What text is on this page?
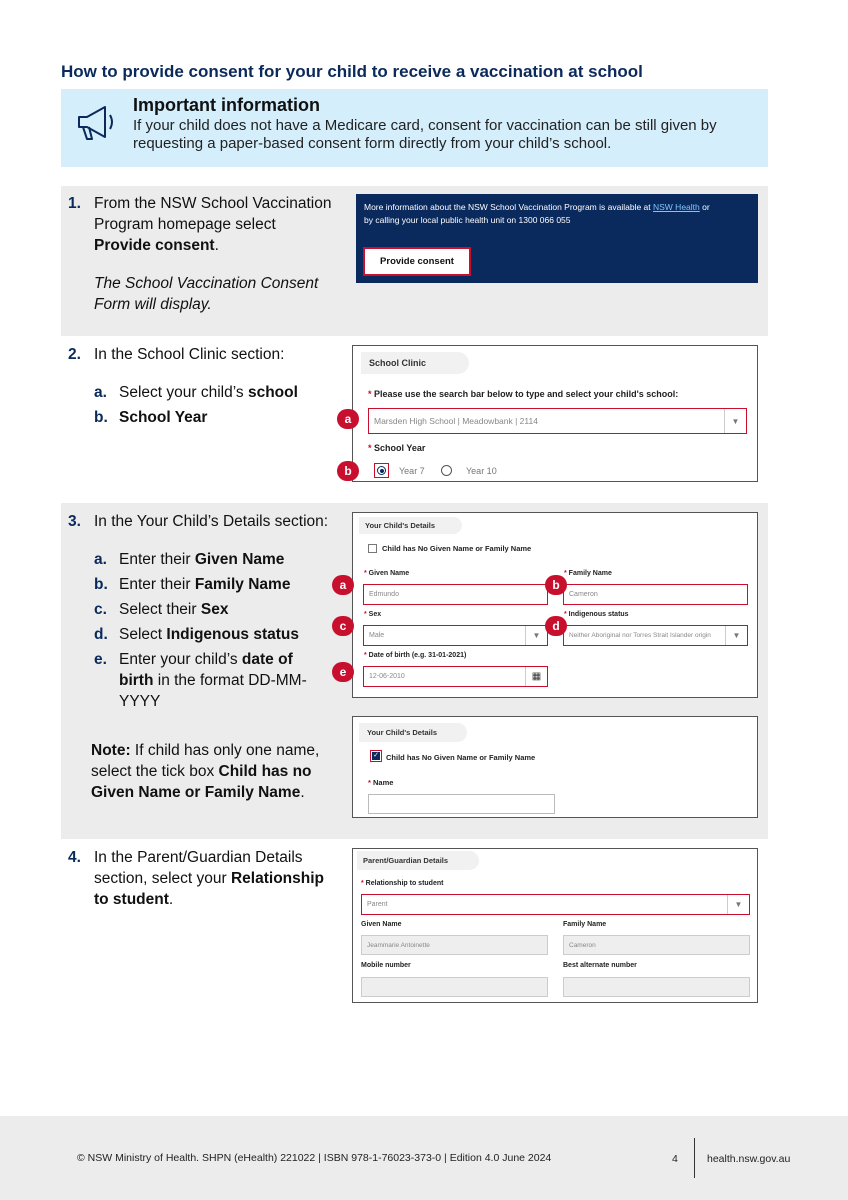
How to provide consent for your child to receive a vaccination at school
Important information

If your child does not have a Medicare card, consent for vaccination can be still given by requesting a paper-based consent form directly from your child’s school.

1. From the NSW School Vaccination
Program homepage select
Provide consent.
The School Vaccination Consent
Form will display.
More information about the NSW School Vaccination Program is available at NSW Health or
by calling your local public health unit on 1300 066 055
Provide consent
2. In the School Clinic section:
a. Select your child’s school
b. School Year
School Clinic
* Please use the search bar below to type and select your child's school:
Marsden High School | Meadowbank | 2114	▼
* School Year
Year 7	Year 10
a
b
3. In the Your Child’s Details section:
a. Enter their Given Name
b. Enter their Family Name
c. Select their Sex
d. Select Indigenous status
e. Enter your child’s date of
birth in the format DD-MM-
YYYY
Note: If child has only one name,
select the tick box Child has no
Given Name or Family Name.
Your Child's Details
Child has No Given Name or Family Name
* Given Name
Edmundo
* Family Name
Cameron
* Sex
Male	▼
* Indigenous status
Neither Aboriginal nor Torres Strait Islander origin	▼
* Date of birth (e.g. 31-01-2021)
12-06-2010	▦
a	b
c	d
e
Your Child's Details
✓ Child has No Given Name or Family Name
* Name
4. In the Parent/Guardian Details
section, select your Relationship
to student.
Parent/Guardian Details
* Relationship to student
Parent	▼
Given Name
Jeammarie Antoinette
Family Name
Cameron
Mobile number	Best alternate number
© NSW Ministry of Health. SHPN (eHealth) 221022 | ISBN 978-1-76023-373-0 | Edition 4.0 June 2024	4	health.nsw.gov.au
